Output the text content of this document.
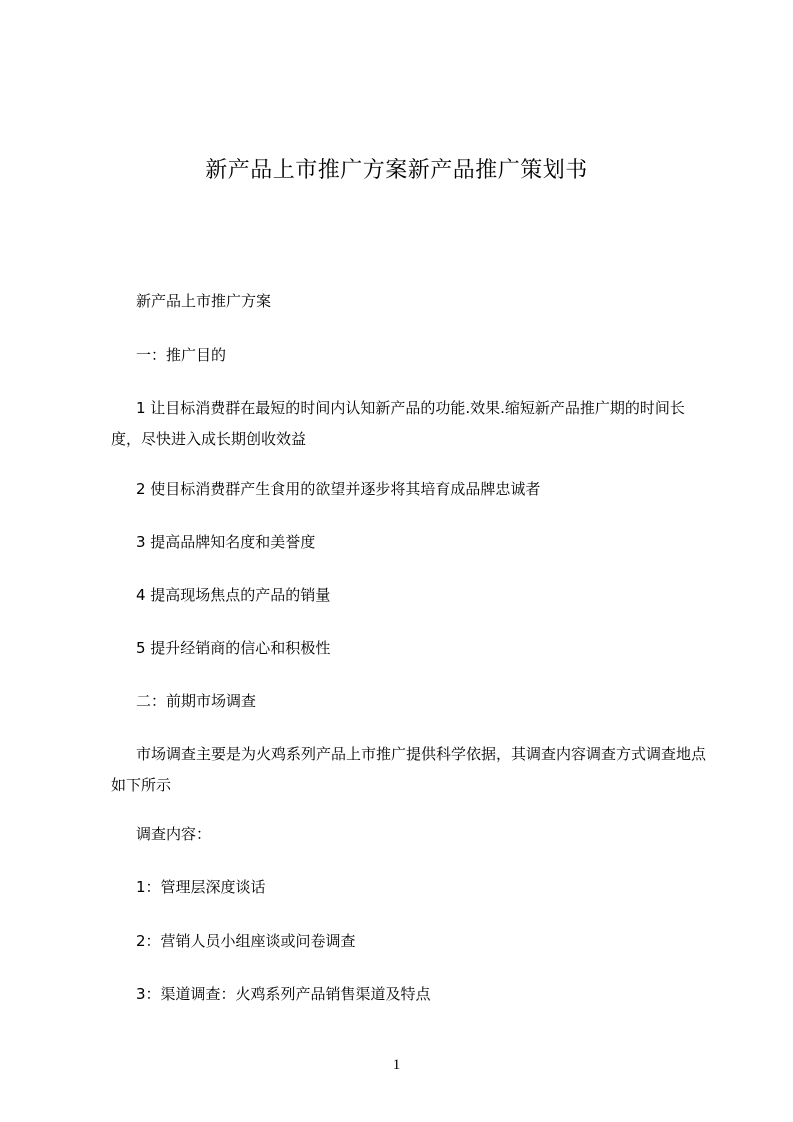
新产品上市推广方案新产品推广策划书
新产品上市推广方案
一：推广目的
1 让目标消费群在最短的时间内认知新产品的功能.效果.缩短新产品推广期的时间长度，尽快进入成长期创收效益
2 使目标消费群产生食用的欲望并逐步将其培育成品牌忠诚者
3 提高品牌知名度和美誉度
4 提高现场焦点的产品的销量
5 提升经销商的信心和积极性
二：前期市场调查
市场调查主要是为火鸡系列产品上市推广提供科学依据，其调查内容调查方式调查地点如下所示
调查内容：
1：管理层深度谈话
2：营销人员小组座谈或问卷调查
3：渠道调查：火鸡系列产品销售渠道及特点
1
